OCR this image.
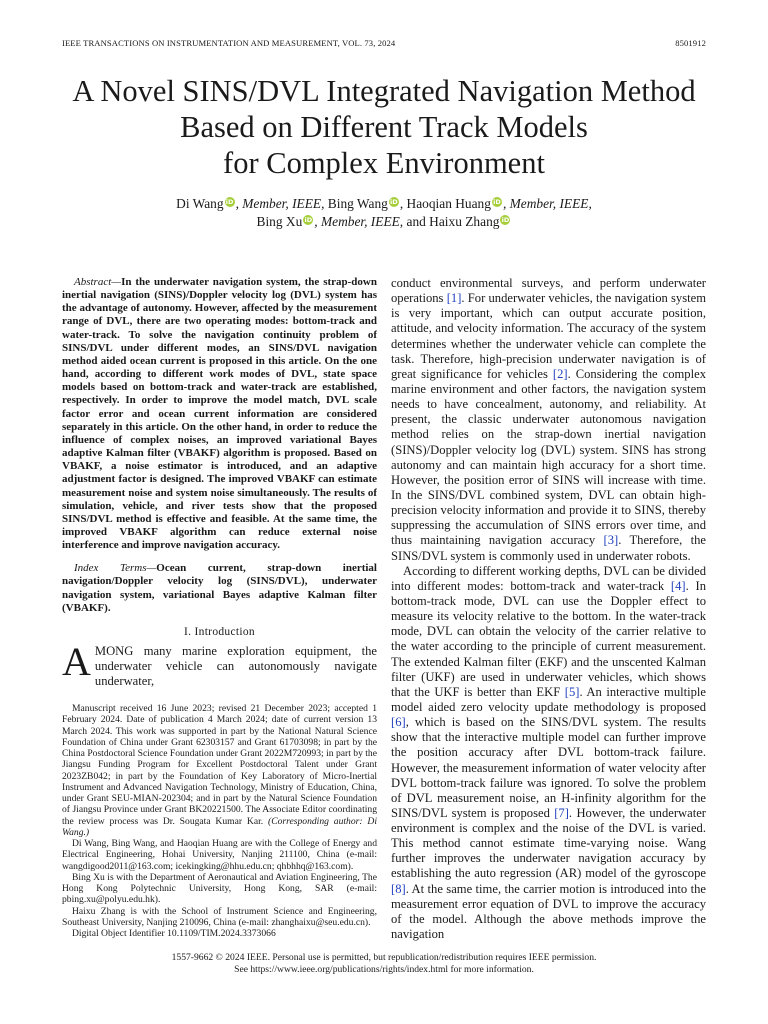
IEEE TRANSACTIONS ON INSTRUMENTATION AND MEASUREMENT, VOL. 73, 2024	8501912
A Novel SINS/DVL Integrated Navigation Method
Based on Different Track Models
for Complex Environment
Di Wang iD , Member, IEEE, Bing Wang iD , Haoqian Huang iD , Member, IEEE,
Bing Xu iD , Member, IEEE, and Haixu Zhang iD

Abstract—In the underwater navigation system, the strap-down inertial navigation (SINS)/Doppler velocity log (DVL) system has the advantage of autonomy. However, affected by the measurement range of DVL, there are two operating modes: bottom-track and water-track. To solve the navigation continuity problem of SINS/DVL under different modes, an SINS/DVL navigation method aided ocean current is proposed in this article. On the one hand, according to different work modes of DVL, state space models based on bottom-track and water-track are established, respectively. In order to improve the model match, DVL scale factor error and ocean current information are considered separately in this article. On the other hand, in order to reduce the influence of complex noises, an improved variational Bayes adaptive Kalman filter (VBAKF) algorithm is proposed. Based on VBAKF, a noise estimator is introduced, and an adaptive adjustment factor is designed. The improved VBAKF can estimate measurement noise and system noise simultaneously. The results of simulation, vehicle, and river tests show that the proposed SINS/DVL method is effective and feasible. At the same time, the improved VBAKF algorithm can reduce external noise interference and improve navigation accuracy.

Index Terms—Ocean current, strap-down inertial navigation/Doppler velocity log (SINS/DVL), underwater navigation system, variational Bayes adaptive Kalman filter (VBAKF).

I. Introduction

AMONG many marine exploration equipment, the underwater vehicle can autonomously navigate underwater,

Manuscript received 16 June 2023; revised 21 December 2023; accepted 1 February 2024. Date of publication 4 March 2024; date of current version 13 March 2024. This work was supported in part by the National Natural Science Foundation of China under Grant 62303157 and Grant 61703098; in part by the China Postdoctoral Science Foundation under Grant 2022M720993; in part by the Jiangsu Funding Program for Excellent Postdoctoral Talent under Grant 2023ZB042; in part by the Foundation of Key Laboratory of Micro-Inertial Instrument and Advanced Navigation Technology, Ministry of Education, China, under Grant SEU-MIAN-202304; and in part by the Natural Science Foundation of Jiangsu Province under Grant BK20221500. The Associate Editor coordinating the review process was Dr. Sougata Kumar Kar. (Corresponding author: Di Wang.)

Di Wang, Bing Wang, and Haoqian Huang are with the College of Energy and Electrical Engineering, Hohai University, Nanjing 211100, China (e-mail: wangdigood2011@163.com; icekingking@hhu.edu.cn; qhbhhq@163.com).

Bing Xu is with the Department of Aeronautical and Aviation Engineering, The Hong Kong Polytechnic University, Hong Kong, SAR (e-mail: pbing.xu@polyu.edu.hk).

Haixu Zhang is with the School of Instrument Science and Engineering, Southeast University, Nanjing 210096, China (e-mail: zhanghaixu@seu.edu.cn).

Digital Object Identifier 10.1109/TIM.2024.3373066

conduct environmental surveys, and perform underwater operations [1]. For underwater vehicles, the navigation system is very important, which can output accurate position, attitude, and velocity information. The accuracy of the system determines whether the underwater vehicle can complete the task. Therefore, high-precision underwater navigation is of great significance for vehicles [2]. Considering the complex marine environment and other factors, the navigation system needs to have concealment, autonomy, and reliability. At present, the classic underwater autonomous navigation method relies on the strap-down inertial navigation (SINS)/Doppler velocity log (DVL) system. SINS has strong autonomy and can maintain high accuracy for a short time. However, the position error of SINS will increase with time. In the SINS/DVL combined system, DVL can obtain high-precision velocity information and provide it to SINS, thereby suppressing the accumulation of SINS errors over time, and thus maintaining navigation accuracy [3]. Therefore, the SINS/DVL system is commonly used in underwater robots.

According to different working depths, DVL can be divided into different modes: bottom-track and water-track [4]. In bottom-track mode, DVL can use the Doppler effect to measure its velocity relative to the bottom. In the water-track mode, DVL can obtain the velocity of the carrier relative to the water according to the principle of current measurement. The extended Kalman filter (EKF) and the unscented Kalman filter (UKF) are used in underwater vehicles, which shows that the UKF is better than EKF [5]. An interactive multiple model aided zero velocity update methodology is proposed [6], which is based on the SINS/DVL system. The results show that the interactive multiple model can further improve the position accuracy after DVL bottom-track failure. However, the measurement information of water velocity after DVL bottom-track failure was ignored. To solve the problem of DVL measurement noise, an H-infinity algorithm for the SINS/DVL system is proposed [7]. However, the underwater environment is complex and the noise of the DVL is varied. This method cannot estimate time-varying noise. Wang further improves the underwater navigation accuracy by establishing the auto regression (AR) model of the gyroscope [8]. At the same time, the carrier motion is introduced into the measurement error equation of DVL to improve the accuracy of the model. Although the above methods improve the navigation

1557-9662 © 2024 IEEE. Personal use is permitted, but republication/redistribution requires IEEE permission.
See https://www.ieee.org/publications/rights/index.html for more information.
